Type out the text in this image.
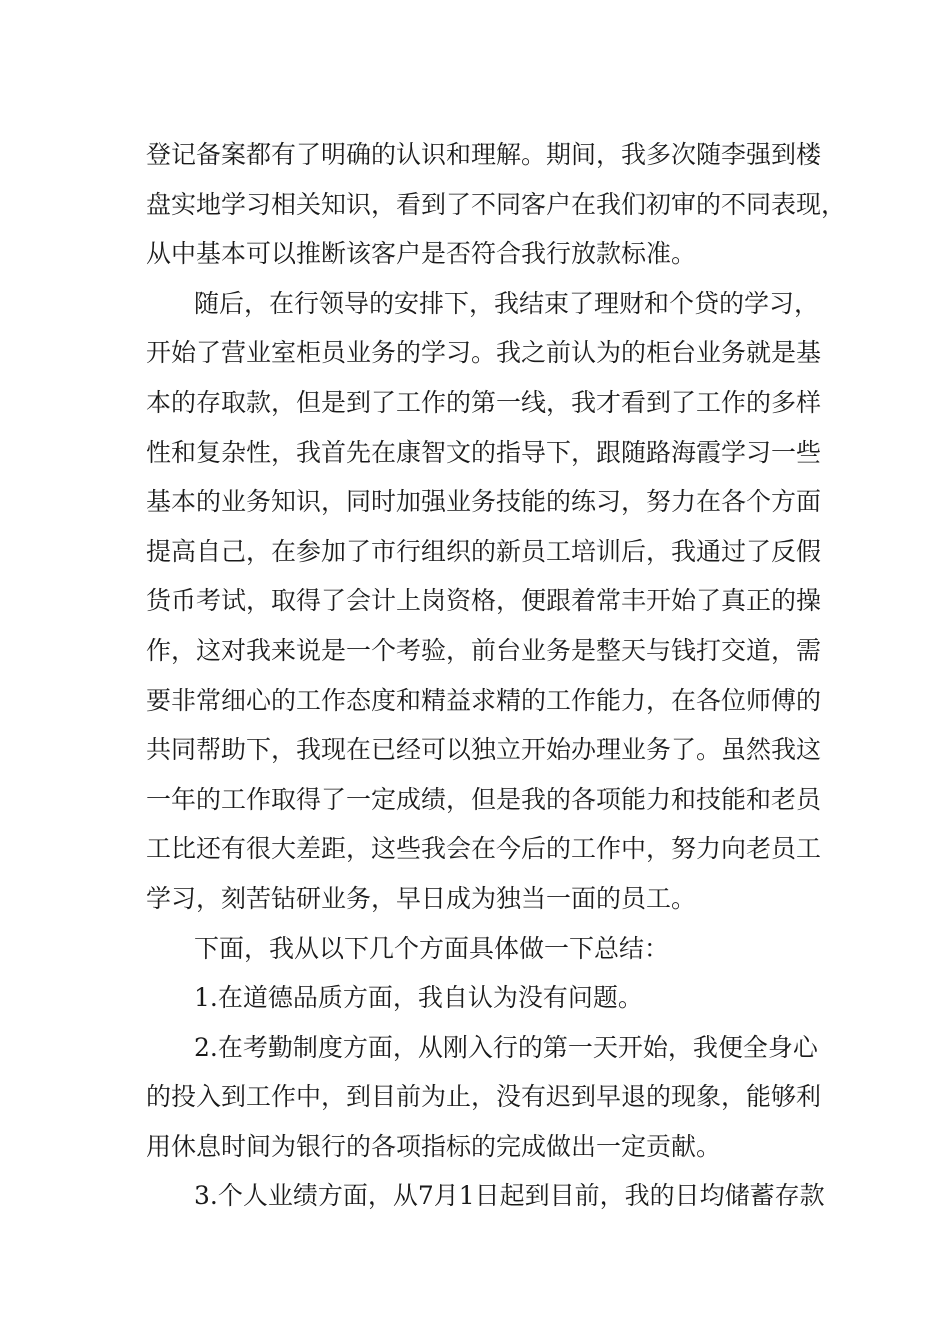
登记备案都有了明确的认识和理解。期间，我多次随李强到楼
盘实地学习相关知识，看到了不同客户在我们初审的不同表现，
从中基本可以推断该客户是否符合我行放款标准。
随后，在行领导的安排下，我结束了理财和个贷的学习，
开始了营业室柜员业务的学习。我之前认为的柜台业务就是基
本的存取款，但是到了工作的第一线，我才看到了工作的多样
性和复杂性，我首先在康智文的指导下，跟随路海霞学习一些
基本的业务知识，同时加强业务技能的练习，努力在各个方面
提高自己，在参加了市行组织的新员工培训后，我通过了反假
货币考试，取得了会计上岗资格，便跟着常丰开始了真正的操
作，这对我来说是一个考验，前台业务是整天与钱打交道，需
要非常细心的工作态度和精益求精的工作能力，在各位师傅的
共同帮助下，我现在已经可以独立开始办理业务了。虽然我这
一年的工作取得了一定成绩，但是我的各项能力和技能和老员
工比还有很大差距，这些我会在今后的工作中，努力向老员工
学习，刻苦钻研业务，早日成为独当一面的员工。
下面，我从以下几个方面具体做一下总结：
1.在道德品质方面，我自认为没有问题。
2.在考勤制度方面，从刚入行的第一天开始，我便全身心
的投入到工作中，到目前为止，没有迟到早退的现象，能够利
用休息时间为银行的各项指标的完成做出一定贡献。
3.个人业绩方面，从7月1日起到目前，我的日均储蓄存款
